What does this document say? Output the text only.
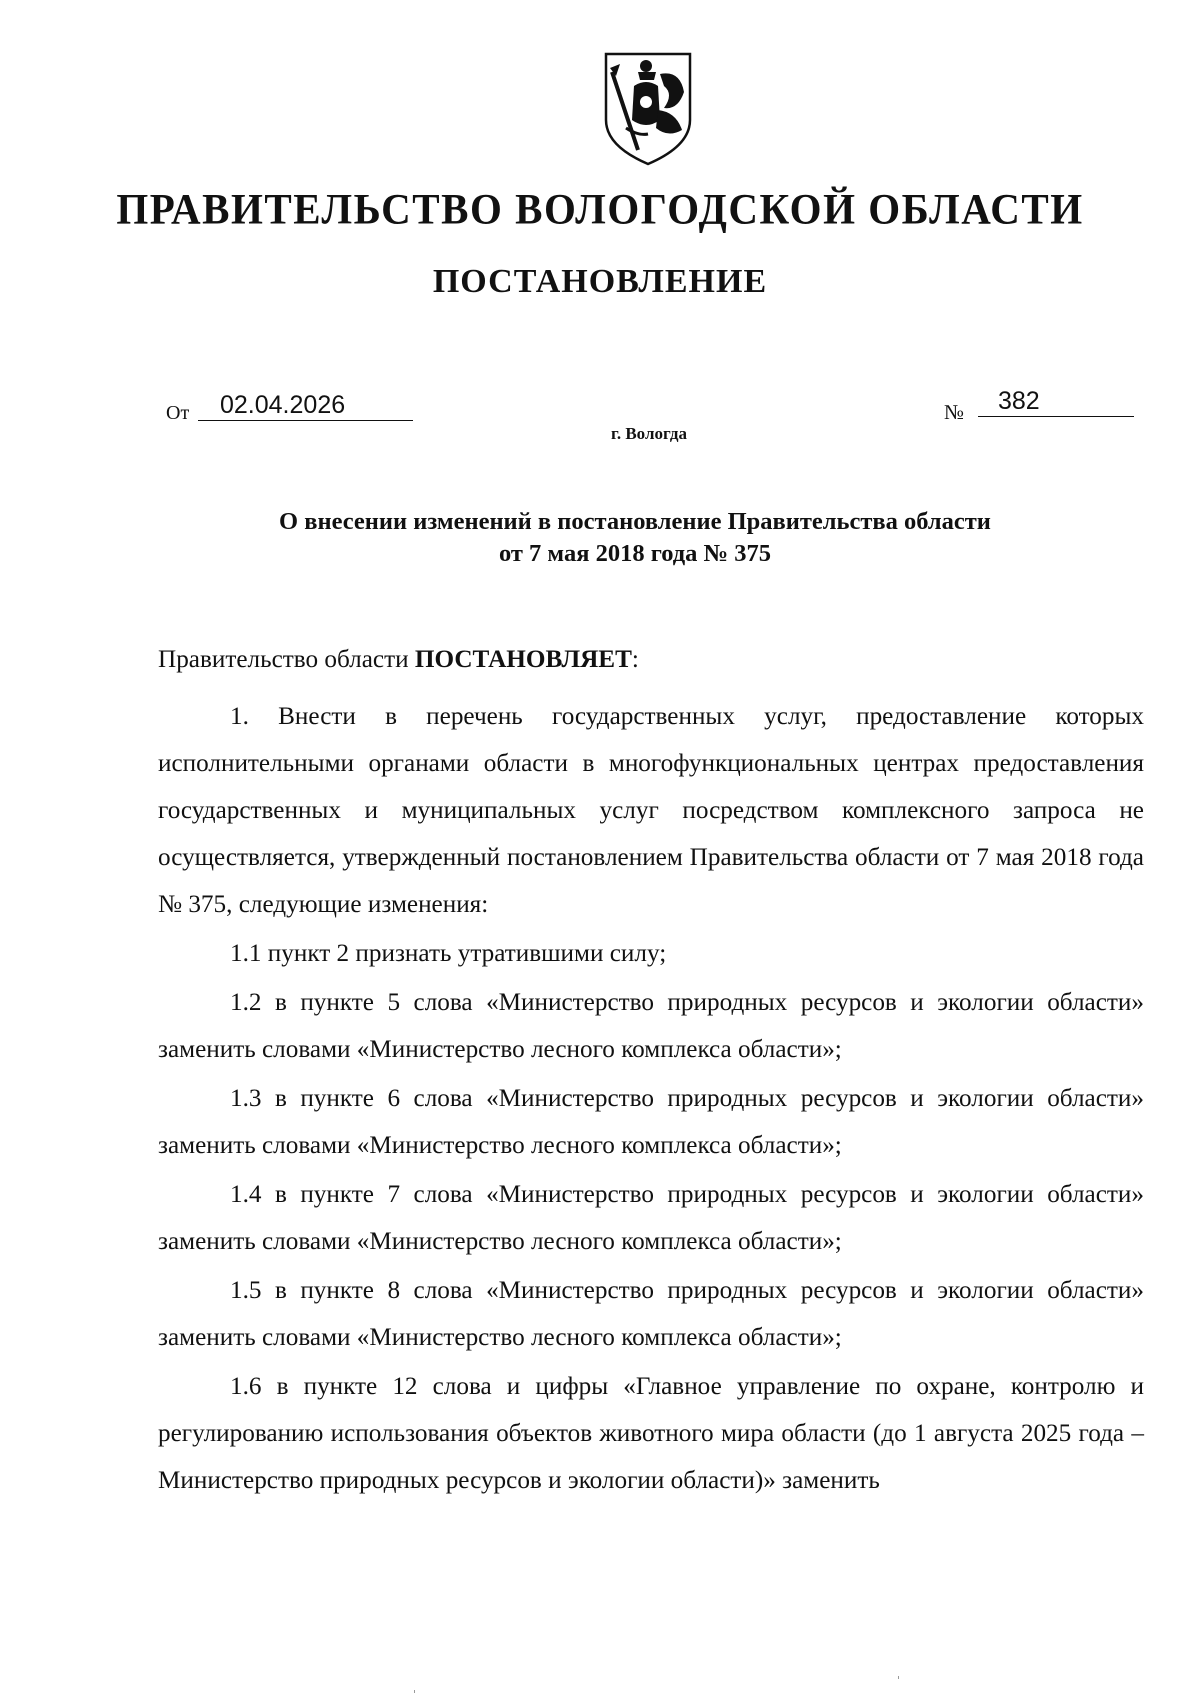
ПРАВИТЕЛЬСТВО ВОЛОГОДСКОЙ ОБЛАСТИ
ПОСТАНОВЛЕНИЕ
От	02.04.2026	№	382
г. Вологда
О внесении изменений в постановление Правительства области
от 7 мая 2018 года № 375

Правительство области ПОСТАНОВЛЯЕТ:

1. Внести в перечень государственных услуг, предоставление которых исполнительными органами области в многофункциональных центрах предоставления государственных и муниципальных услуг посредством комплексного запроса не осуществляется, утвержденный постановлением Правительства области от 7 мая 2018 года № 375, следующие изменения:

1.1 пункт 2 признать утратившими силу;

1.2 в пункте 5 слова «Министерство природных ресурсов и экологии области» заменить словами «Министерство лесного комплекса области»;

1.3 в пункте 6 слова «Министерство природных ресурсов и экологии области» заменить словами «Министерство лесного комплекса области»;

1.4 в пункте 7 слова «Министерство природных ресурсов и экологии области» заменить словами «Министерство лесного комплекса области»;

1.5 в пункте 8 слова «Министерство природных ресурсов и экологии области» заменить словами «Министерство лесного комплекса области»;

1.6 в пункте 12 слова и цифры «Главное управление по охране, контролю и регулированию использования объектов животного мира области (до 1 августа 2025 года – Министерство природных ресурсов и экологии области)» заменить
